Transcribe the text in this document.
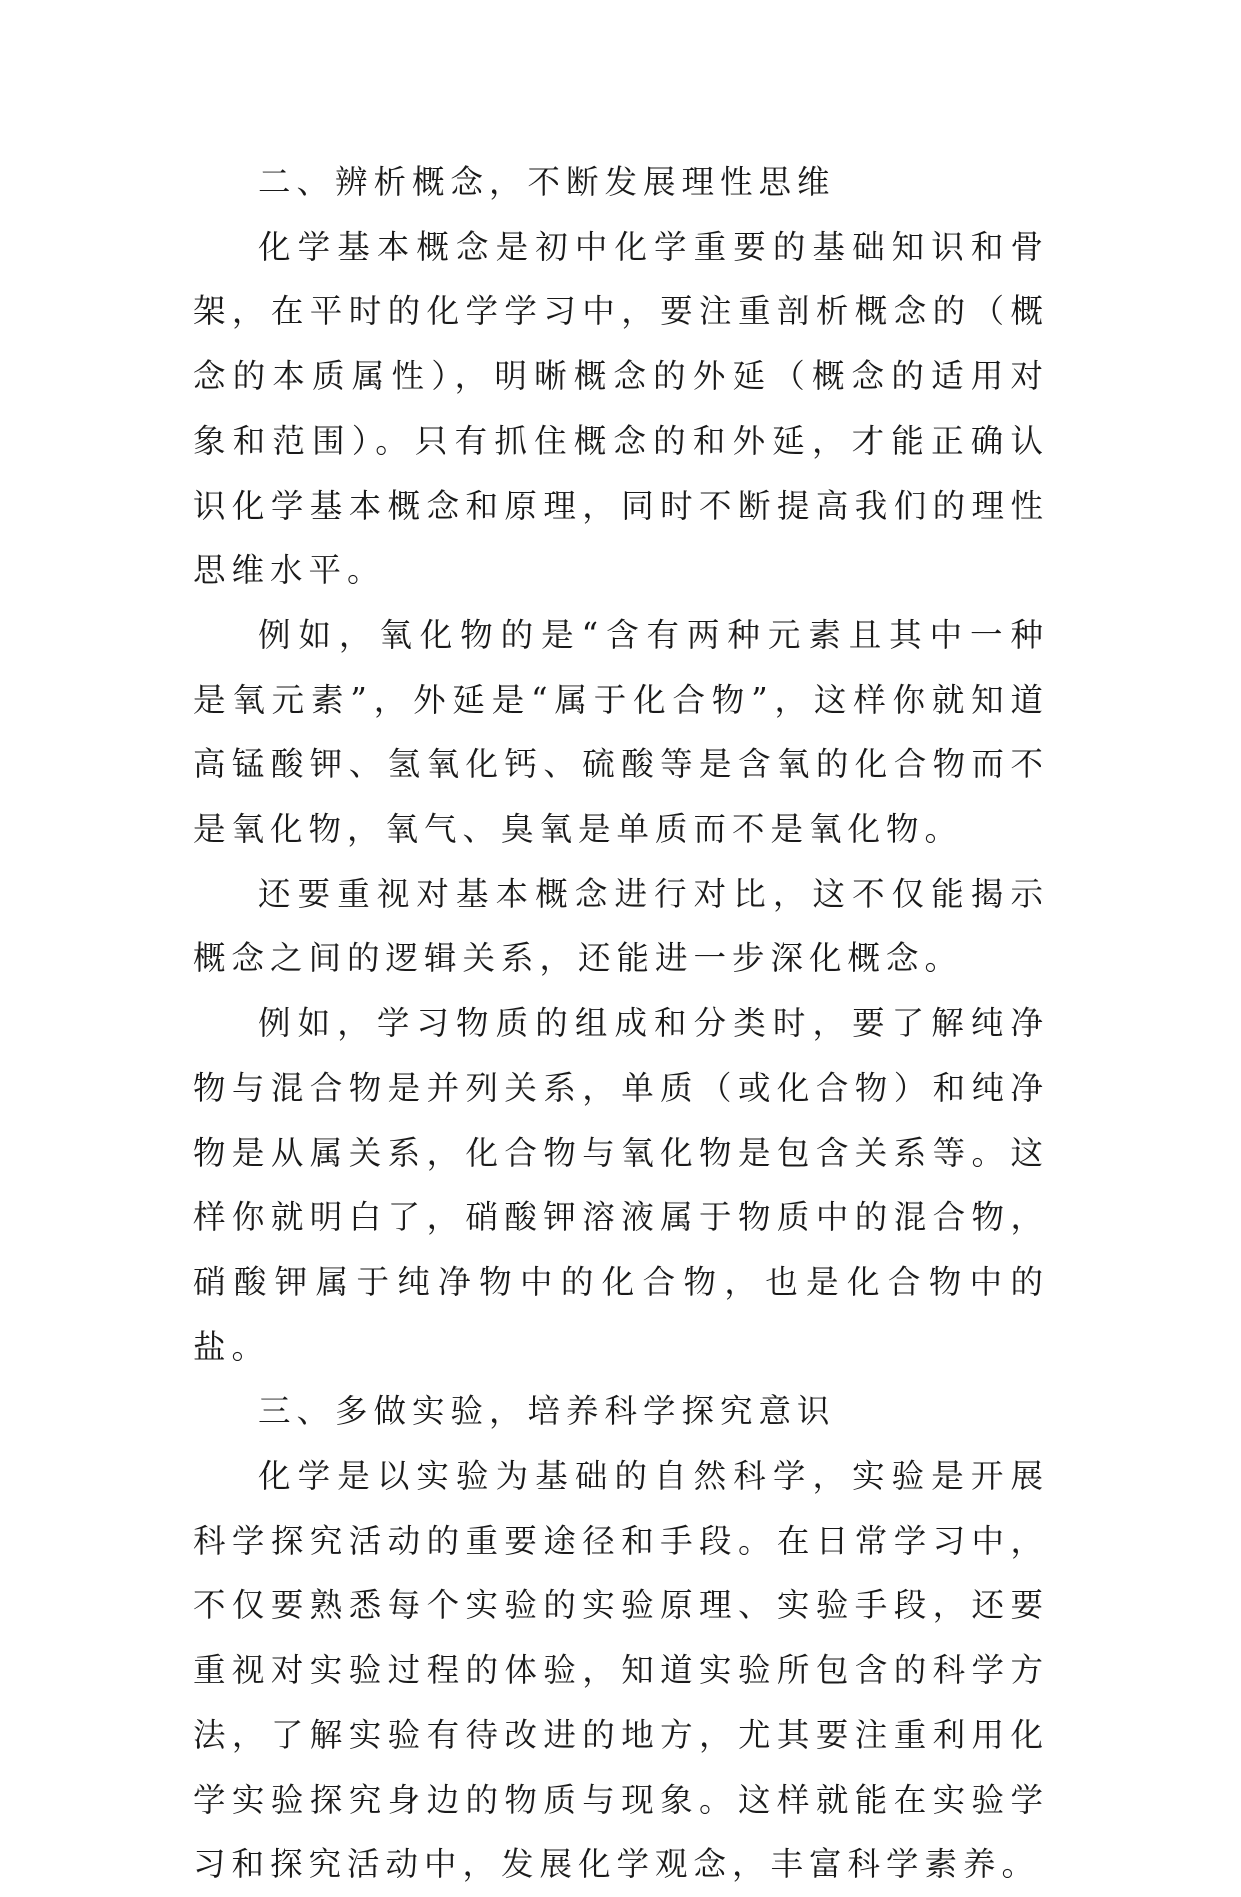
二、辨析概念，不断发展理性思维

化学基本概念是初中化学重要的基础知识和骨架，在平时的化学学习中，要注重剖析概念的（概念的本质属性），明晰概念的外延（概念的适用对象和范围）。只有抓住概念的和外延，才能正确认识化学基本概念和原理，同时不断提高我们的理性思维水平。

例如，氧化物的是“含有两种元素且其中一种是氧元素”，外延是“属于化合物”，这样你就知道高锰酸钾、氢氧化钙、硫酸等是含氧的化合物而不是氧化物，氧气、臭氧是单质而不是氧化物。

还要重视对基本概念进行对比，这不仅能揭示概念之间的逻辑关系，还能进一步深化概念。

例如，学习物质的组成和分类时，要了解纯净物与混合物是并列关系，单质（或化合物）和纯净物是从属关系，化合物与氧化物是包含关系等。这样你就明白了，硝酸钾溶液属于物质中的混合物，硝酸钾属于纯净物中的化合物，也是化合物中的盐。

三、多做实验，培养科学探究意识

化学是以实验为基础的自然科学，实验是开展科学探究活动的重要途径和手段。在日常学习中，不仅要熟悉每个实验的实验原理、实验手段，还要重视对实验过程的体验，知道实验所包含的科学方法，了解实验有待改进的地方，尤其要注重利用化学实验探究身边的物质与现象。这样就能在实验学习和探究活动中，发展化学观念，丰富科学素养。
